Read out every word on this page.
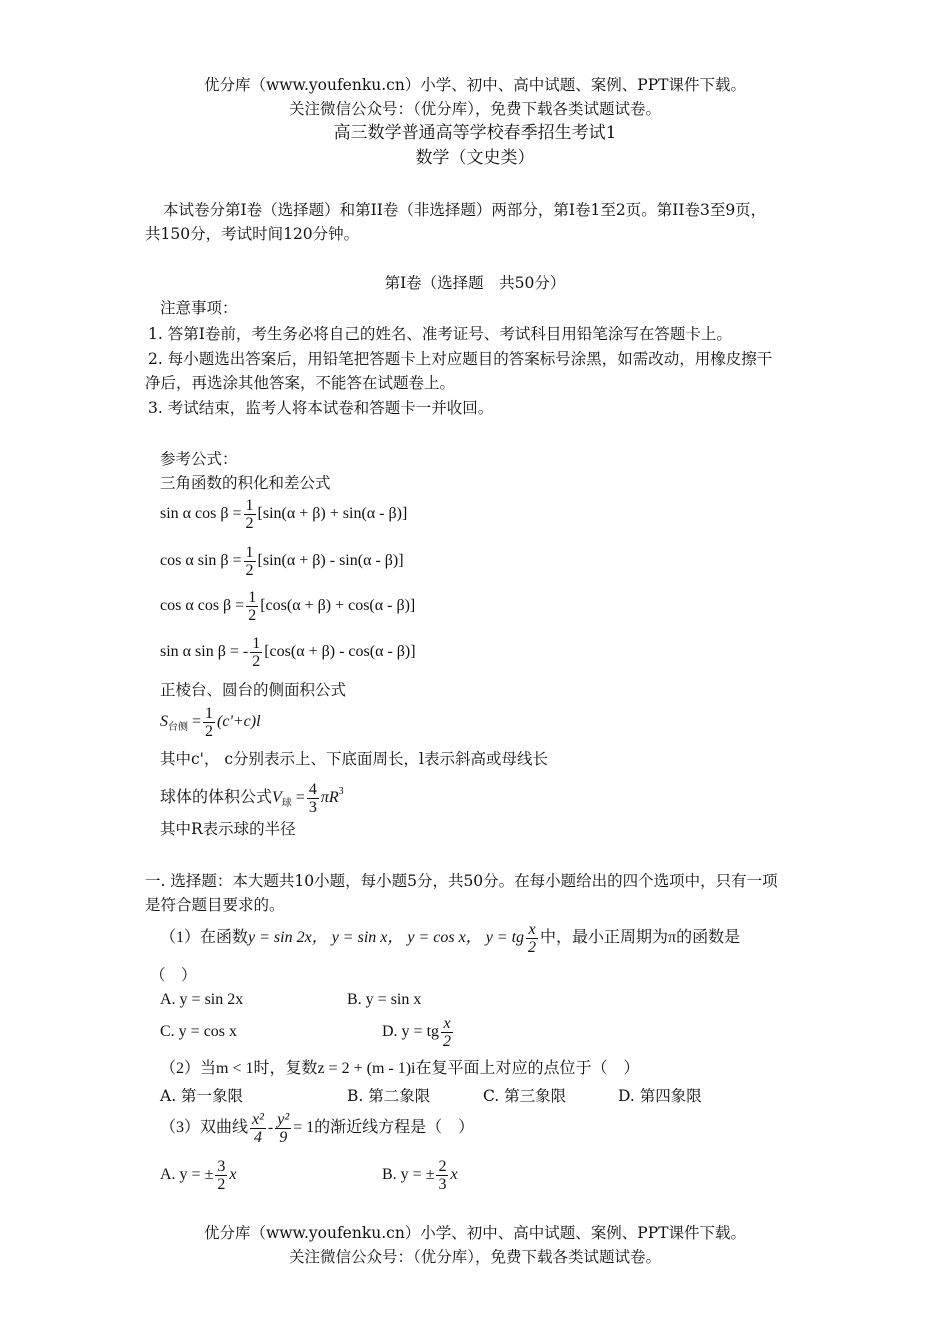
优分库（www.youfenku.cn）小学、初中、高中试题、案例、PPT课件下载。
关注微信公众号：（优分库），免费下载各类试题试卷。
高三数学普通高等学校春季招生考试1
数学（文史类）
本试卷分第I卷（选择题）和第II卷（非选择题）两部分，第I卷1至2页。第II卷3至9页，
共150分，考试时间120分钟。
第I卷（选择题　共50分）
注意事项：
1. 答第I卷前，考生务必将自己的姓名、准考证号、考试科目用铅笔涂写在答题卡上。
2. 每小题选出答案后，用铅笔把答题卡上对应题目的答案标号涂黑，如需改动，用橡皮擦干
净后，再选涂其他答案，不能答在试题卷上。
3. 考试结束，监考人将本试卷和答题卡一并收回。
参考公式：
三角函数的积化和差公式
sin α $\cos \beta = \frac{1}{2} [\sin(\alpha + \beta) + \sin(\alpha - \beta)]$
cos α $\sin \beta = \frac{1}{2} [\sin(\alpha + \beta) - \sin(\alpha - \beta)]$
cos α $\cos \beta = \frac{1}{2} [\cos(\alpha + \beta) + \cos(\alpha - \beta)]$
sin α sin β = - $\frac{1}{2} [\cos(\alpha + \beta) - \cos(\alpha - \beta)]$
正棱台、圆台的侧面积公式
$S_{台侧} = \frac{1}{2} (c'+c)l$
其中c'， c分别表示上、下底面周长，l表示斜高或母线长
球体的体积公式$V_球 = \frac{4}{3} \pi R^3$
其中R表示球的半径
一. 选择题：本大题共10小题，每小题5分，共50分。在每小题给出的四个选项中，只有一项
是符合题目要求的。
（1）在函数y = sin 2x， y = sin x， y = cos x， y = tg $\frac{x}{2}$ 中，最小正周期为π的函数是
（　）
A. y = sin 2x	B. y = sin x
C. y = cos x	D. y = tg $\frac{x}{2}$
（2）当m < 1时，复数z = 2 + (m - 1)i在复平面上对应的点位于（　）
A. 第一象限	B. 第二象限	C. 第三象限	D. 第四象限
（3）双曲线 $\frac{\text{x²}}{4} - \frac{\text{y²}}{9} = 1$的渐近线方程是（　）
A. y = ± $\frac{3}{2}$ x	B. y = ± $\frac{2}{3}$ x
优分库（www.youfenku.cn）小学、初中、高中试题、案例、PPT课件下载。
关注微信公众号：（优分库），免费下载各类试题试卷。
